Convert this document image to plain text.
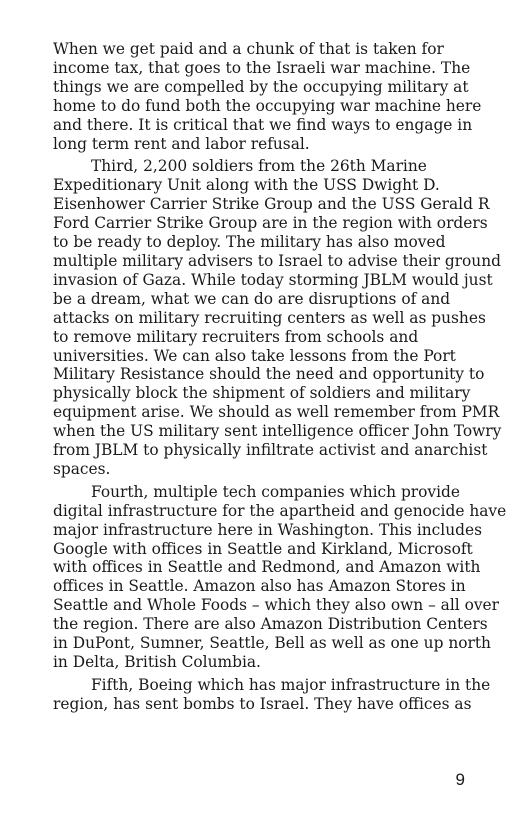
When we get paid and a chunk of that is taken for
income tax, that goes to the Israeli war machine. The
things we are compelled by the occupying military at
home to do fund both the occupying war machine here
and there. It is critical that we find ways to engage in
long term rent and labor refusal.

Third, 2,200 soldiers from the 26th Marine
Expeditionary Unit along with the USS Dwight D.
Eisenhower Carrier Strike Group and the USS Gerald R
Ford Carrier Strike Group are in the region with orders
to be ready to deploy. The military has also moved
multiple military advisers to Israel to advise their ground
invasion of Gaza. While today storming JBLM would just
be a dream, what we can do are disruptions of and
attacks on military recruiting centers as well as pushes
to remove military recruiters from schools and
universities. We can also take lessons from the Port
Military Resistance should the need and opportunity to
physically block the shipment of soldiers and military
equipment arise. We should as well remember from PMR
when the US military sent intelligence officer John Towry
from JBLM to physically infiltrate activist and anarchist
spaces.

Fourth, multiple tech companies which provide
digital infrastructure for the apartheid and genocide have
major infrastructure here in Washington. This includes
Google with offices in Seattle and Kirkland, Microsoft
with offices in Seattle and Redmond, and Amazon with
offices in Seattle. Amazon also has Amazon Stores in
Seattle and Whole Foods – which they also own – all over
the region. There are also Amazon Distribution Centers
in DuPont, Sumner, Seattle, Bell as well as one up north
in Delta, British Columbia.

Fifth, Boeing which has major infrastructure in the
region, has sent bombs to Israel. They have offices as

9
